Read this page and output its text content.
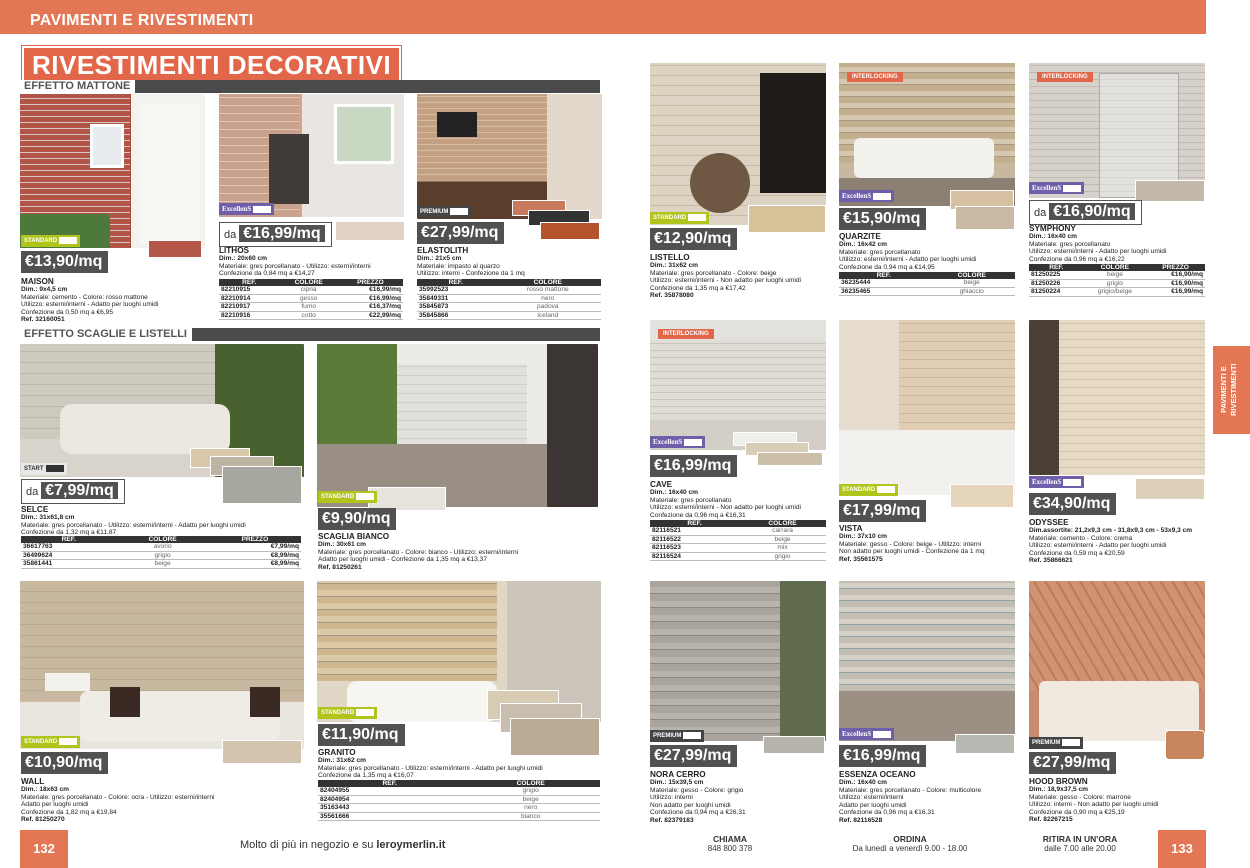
PAVIMENTI E RIVESTIMENTI
RIVESTIMENTI DECORATIVI
EFFETTO MATTONE
STANDARD
€13,90/mq
MAISON
Dim.: 9x4,5 cm
Materiale: cemento - Colore: rosso mattone
Utilizzo: esterni/interni - Adatto per luoghi umidi
Confezione da 0,50 mq a €6,95
Ref. 32160051
ExcellenS
da €16,99/mq
LITHOS
Dim.: 20x60 cm
Materiale: gres porcellanato - Utilizzo: esterni/interni
Confezione da 0,84 mq a €14,27
REF.	COLORE	PREZZO
82210915	cipria	€16,99/mq
82210914	gesso	€16,99/mq
82210917	fumo	€16,37/mq
82210916	cotto	€22,99/mq
PREMIUM
€27,99/mq
ELASTOLITH
Dim.: 21x5 cm
Materiale: impasto al quarzo
Utilizzo: interni - Confezione da 1 mq
REF.	COLORE
35992523	rosso mattone
35849331	nero
35845873	padova
35845866	iceland
EFFETTO SCAGLIE E LISTELLI
START
da €7,99/mq
SELCE
Dim.: 31x61,8 cm
Materiale: gres porcellanato - Utilizzo: esterni/interni - Adatto per luoghi umidi
Confezione da 1,32 mq a €11,87
REF.	COLORE	PREZZO
36617763	avorio	€7,99/mq
36499624	grigio	€8,99/mq
35861441	beige	€8,99/mq
STANDARD
€9,90/mq
SCAGLIA BIANCO
Dim.: 30x61 cm
Materiale: gres porcellanato - Colore: bianco - Utilizzo: esterni/interni
Adatto per luoghi umidi - Confezione da 1,35 mq a €13,37
Ref. 81250261
STANDARD
€10,90/mq
WALL
Dim.: 18x63 cm
Materiale: gres porcellanato - Colore: ocra - Utilizzo: esterni/interni
Adatto per luoghi umidi
Confezione da 1,82 mq a €19,84
Ref. 81250270
STANDARD
€11,90/mq
GRANITO
Dim.: 31x62 cm
Materiale: gres porcellanato - Utilizzo: esterni/interni - Adatto per luoghi umidi
Confezione da 1,35 mq a €16,07
REF.	COLORE
82404955	grigio
82404954	beige
35163443	nero
35561666	bianco
132	Molto di più in negozio e su leroymerlin.it
STANDARD
€12,90/mq
LISTELLO
Dim.: 31x62 cm
Materiale: gres porcellanato - Colore: beige
Utilizzo: esterni/interni - Non adatto per luoghi umidi
Confezione da 1,35 mq a €17,42
Ref. 35878080
INTERLOCKING
ExcellenS
€15,90/mq
QUARZITE
Dim.: 16x42 cm
Materiale: gres porcellanato
Utilizzo: esterni/interni - Adatto per luoghi umidi
Confezione da 0,94 mq a €14,95
REF.	COLORE
36235444	beige
36235465	ghiaccio
INTERLOCKING
ExcellenS
da €16,90/mq
SYMPHONY
Dim.: 16x40 cm
Materiale: gres porcellanato
Utilizzo: esterni/interni - Adatto per luoghi umidi
Confezione da 0,96 mq a €16,22
REF.	COLORE	PREZZO
81250225	beige	€16,90/mq
81250226	grigio	€16,90/mq
81250224	grigio/beige	€16,99/mq
INTERLOCKING
ExcellenS
€16,99/mq
CAVE
Dim.: 16x40 cm
Materiale: gres porcellanato
Utilizzo: esterni/interni - Non adatto per luoghi umidi
Confezione da 0,96 mq a €16,31
REF.	COLORE
82116521	carrara
82116522	beige
82116523	mix
82116524	grigio
STANDARD
€17,99/mq
VISTA
Dim.: 37x10 cm
Materiale: gesso - Colore: beige - Utilizzo: interni
Non adatto per luoghi umidi - Confezione da 1 mq
Ref. 35561575
ExcellenS
€34,90/mq
ODYSSEE
Dim.assortite: 21,2x9,3 cm - 31,8x9,3 cm - 53x9,3 cm
Materiale: cemento - Colore: crema
Utilizzo: esterni/interni - Adatto per luoghi umidi
Confezione da 0,59 mq a €20,59
Ref. 35866621
PREMIUM
€27,99/mq
NORA CERRO
Dim.: 15x39,5 cm
Materiale: gesso - Colore: grigio
Utilizzo: interni
Non adatto per luoghi umidi
Confezione da 0,94 mq a €26,31
Ref. 82379183
ExcellenS
€16,99/mq
ESSENZA OCEANO
Dim.: 16x40 cm
Materiale: gres porcellanato - Colore: multicolore
Utilizzo: esterni/interni
Adatto per luoghi umidi
Confezione da 0,96 mq a €16,31
Ref. 82116528
PREMIUM
€27,99/mq
HOOD BROWN
Dim.: 18,9x37,5 cm
Materiale: gesso - Colore: marrone
Utilizzo: interni - Non adatto per luoghi umidi
Confezione da 0,90 mq a €25,19
Ref. 82267215
CHIAMA
848 800 378
ORDINA
Da lunedì a venerdì 9.00 - 18.00
RITIRA IN UN'ORA
dalle 7.00 alle 20.00	133
PAVIMENTI E RIVESTIMENTI
